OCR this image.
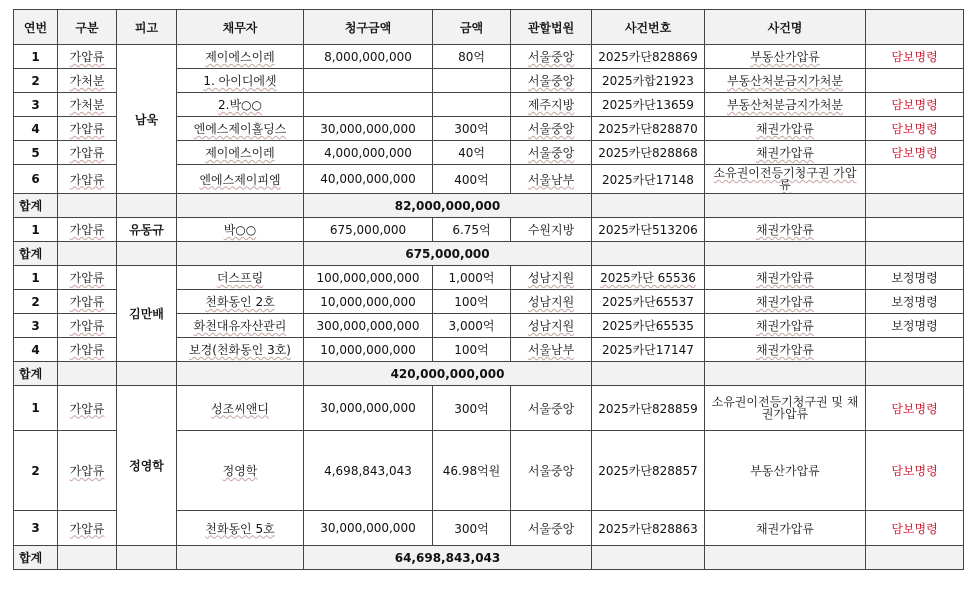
연번	구분	피고	채무자	청구금액	금액	관할법원	사건번호	사건명	
1	가압류	남욱	제이에스이레	8,000,000,000	80억	서울중앙	2025카단828869	부동산가압류	담보명령
2	가처분		1. 아이디에셋			서울중앙	2025카합21923	부동산처분금지가처분	
3	가처분		2.박○○			제주지방	2025카단13659	부동산처분금지가처분	담보명령
4	가압류		엔에스제이홀딩스	30,000,000,000	300억	서울중앙	2025카단828870	채권가압류	담보명령
5	가압류		제이에스이레	4,000,000,000	40억	서울중앙	2025카단828868	채권가압류	담보명령
6	가압류		엔에스제이피엠	40,000,000,000	400억	서울남부	2025카단17148	소유권이전등기청구권 가압류	
합계				82,000,000,000					
1	가압류	유동규	박○○	675,000,000	6.75억	수원지방	2025카단513206	채권가압류	
합계				675,000,000					
1	가압류	김만배	더스프링	100,000,000,000	1,000억	성남지원	2025카단 65536	채권가압류	보정명령
2	가압류		천화동인 2호	10,000,000,000	100억	성남지원	2025카단65537	채권가압류	보정명령
3	가압류		화천대유자산관리	300,000,000,000	3,000억	성남지원	2025카단65535	채권가압류	보정명령
4	가압류		보경(천화동인 3호)	10,000,000,000	100억	서울남부	2025카단17147	채권가압류	
합계				420,000,000,000					
1	가압류	정영학	성조씨앤디	30,000,000,000	300억	서울중앙	2025카단828859	소유권이전등기청구권 및 채권가압류	담보명령
2	가압류		정영학	4,698,843,043	46.98억원	서울중앙	2025카단828857	부동산가압류	담보명령
3	가압류		천화동인 5호	30,000,000,000	300억	서울중앙	2025카단828863	채권가압류	담보명령
합계				64,698,843,043					
